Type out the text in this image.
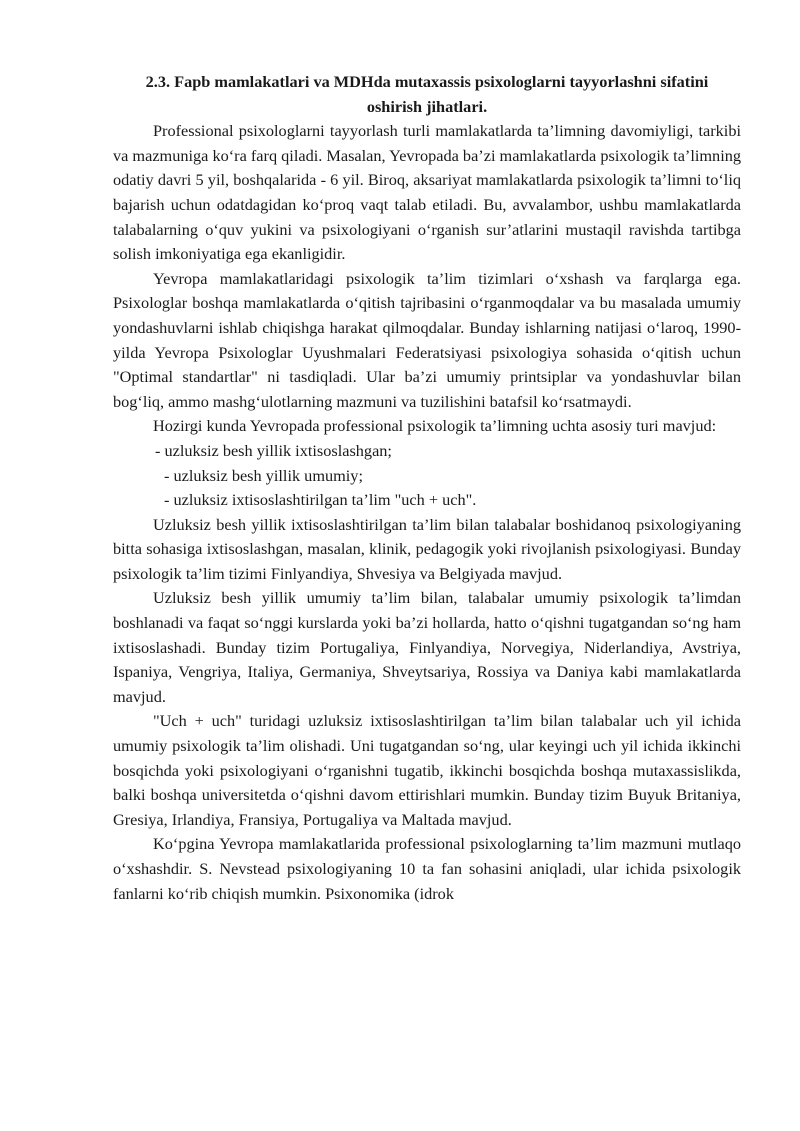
2.3. Fapb mamlakatlari va MDHda mutaxassis psixologlarni tayyorlashni sifatini oshirish jihatlari.

Professional psixologlarni tayyorlash turli mamlakatlarda ta’limning davomiyligi, tarkibi va mazmuniga ko‘ra farq qiladi. Masalan, Yevropada ba’zi mamlakatlarda psixologik ta’limning odatiy davri 5 yil, boshqalarida - 6 yil. Biroq, aksariyat mamlakatlarda psixologik ta’limni to‘liq bajarish uchun odatdagidan ko‘proq vaqt talab etiladi. Bu, avvalambor, ushbu mamlakatlarda talabalarning o‘quv yukini va psixologiyani o‘rganish sur’atlarini mustaqil ravishda tartibga solish imkoniyatiga ega ekanligidir.

Yevropa mamlakatlaridagi psixologik ta’lim tizimlari o‘xshash va farqlarga ega. Psixologlar boshqa mamlakatlarda o‘qitish tajribasini o‘rganmoqdalar va bu masalada umumiy yondashuvlarni ishlab chiqishga harakat qilmoqdalar. Bunday ishlarning natijasi o‘laroq, 1990-yilda Yevropa Psixologlar Uyushmalari Federatsiyasi psixologiya sohasida o‘qitish uchun "Optimal standartlar" ni tasdiqladi. Ular ba’zi umumiy printsiplar va yondashuvlar bilan bog‘liq, ammo mashg‘ulotlarning mazmuni va tuzilishini batafsil ko‘rsatmaydi.

Hozirgi kunda Yevropada professional psixologik ta’limning uchta asosiy turi mavjud:

- uzluksiz besh yillik ixtisoslashgan;
- uzluksiz besh yillik umumiy;
- uzluksiz ixtisoslashtirilgan ta’lim "uch + uch".

Uzluksiz besh yillik ixtisoslashtirilgan ta’lim bilan talabalar boshidanoq psixologiyaning bitta sohasiga ixtisoslashgan, masalan, klinik, pedagogik yoki rivojlanish psixologiyasi. Bunday psixologik ta’lim tizimi Finlyandiya, Shvesiya va Belgiyada mavjud.

Uzluksiz besh yillik umumiy ta’lim bilan, talabalar umumiy psixologik ta’limdan boshlanadi va faqat so‘nggi kurslarda yoki ba’zi hollarda, hatto o‘qishni tugatgandan so‘ng ham ixtisoslashadi. Bunday tizim Portugaliya, Finlyandiya, Norvegiya, Niderlandiya, Avstriya, Ispaniya, Vengriya, Italiya, Germaniya, Shveytsariya, Rossiya va Daniya kabi mamlakatlarda mavjud.

"Uch + uch" turidagi uzluksiz ixtisoslashtirilgan ta’lim bilan talabalar uch yil ichida umumiy psixologik ta’lim olishadi. Uni tugatgandan so‘ng, ular keyingi uch yil ichida ikkinchi bosqichda yoki psixologiyani o‘rganishni tugatib, ikkinchi bosqichda boshqa mutaxassislikda, balki boshqa universitetda o‘qishni davom ettirishlari mumkin. Bunday tizim Buyuk Britaniya, Gresiya, Irlandiya, Fransiya, Portugaliya va Maltada mavjud.

Ko‘pgina Yevropa mamlakatlarida professional psixologlarning ta’lim mazmuni mutlaqo o‘xshashdir. S. Nevstead psixologiyaning 10 ta fan sohasini aniqladi, ular ichida psixologik fanlarni ko‘rib chiqish mumkin. Psixonomika (idrok
